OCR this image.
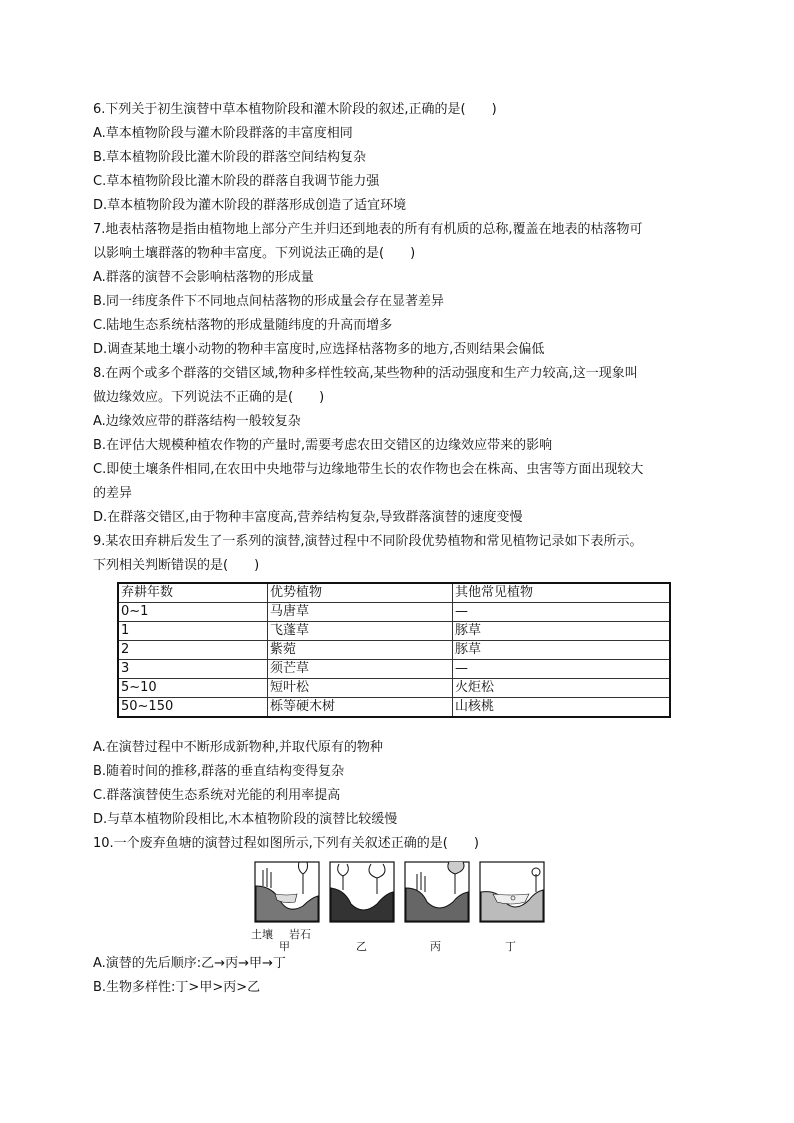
6.下列关于初生演替中草本植物阶段和灌木阶段的叙述,正确的是(　　)
A.草本植物阶段与灌木阶段群落的丰富度相同
B.草本植物阶段比灌木阶段的群落空间结构复杂
C.草本植物阶段比灌木阶段的群落自我调节能力强
D.草本植物阶段为灌木阶段的群落形成创造了适宜环境
7.地表枯落物是指由植物地上部分产生并归还到地表的所有有机质的总称,覆盖在地表的枯落物可
以影响土壤群落的物种丰富度。下列说法正确的是(　　)
A.群落的演替不会影响枯落物的形成量
B.同一纬度条件下不同地点间枯落物的形成量会存在显著差异
C.陆地生态系统枯落物的形成量随纬度的升高而增多
D.调查某地土壤小动物的物种丰富度时,应选择枯落物多的地方,否则结果会偏低
8.在两个或多个群落的交错区域,物种多样性较高,某些物种的活动强度和生产力较高,这一现象叫
做边缘效应。下列说法不正确的是(　　)
A.边缘效应带的群落结构一般较复杂
B.在评估大规模种植农作物的产量时,需要考虑农田交错区的边缘效应带来的影响
C.即使土壤条件相同,在农田中央地带与边缘地带生长的农作物也会在株高、虫害等方面出现较大
的差异
D.在群落交错区,由于物种丰富度高,营养结构复杂,导致群落演替的速度变慢
9.某农田弃耕后发生了一系列的演替,演替过程中不同阶段优势植物和常见植物记录如下表所示。
下列相关判断错误的是(　　)
弃耕年数	优势植物	其他常见植物
0~1	马唐草	—
1	飞蓬草	豚草
2	紫菀	豚草
3	须芒草	—
5~10	短叶松	火炬松
50~150	栎等硬木树	山核桃
A.在演替过程中不断形成新物种,并取代原有的物种
B.随着时间的推移,群落的垂直结构变得复杂
C.群落演替使生态系统对光能的利用率提高
D.与草本植物阶段相比,木本植物阶段的演替比较缓慢
10.一个废弃鱼塘的演替过程如图所示,下列有关叙述正确的是(　　)
土壤 岩石
甲	乙	丙	丁
A.演替的先后顺序:乙→丙→甲→丁
B.生物多样性:丁>甲>丙>乙
